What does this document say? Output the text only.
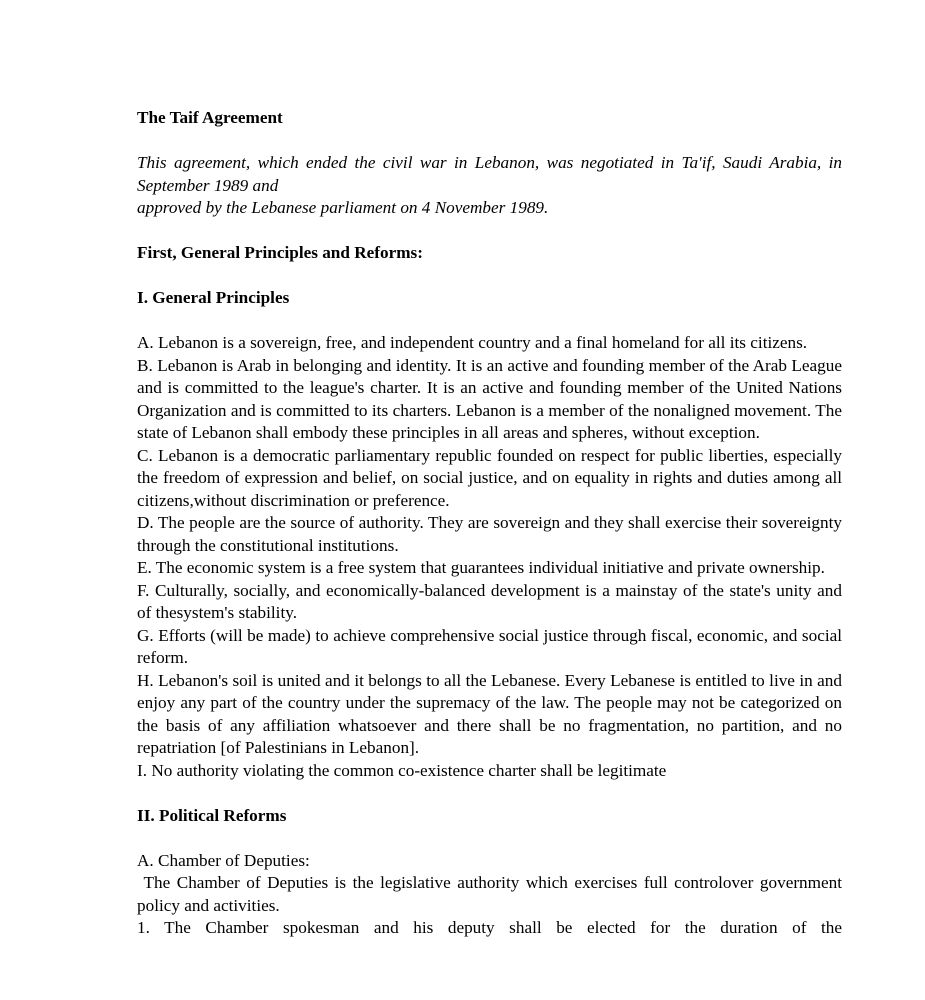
The Taif Agreement

This agreement, which ended the civil war in Lebanon, was negotiated in Ta'if, Saudi Arabia, in September 1989 and

approved by the Lebanese parliament on 4 November 1989.

First, General Principles and Reforms:

I. General Principles

A. Lebanon is a sovereign, free, and independent country and a final homeland for all its citizens.

B. Lebanon is Arab in belonging and identity. It is an active and founding member of the Arab League and is committed to the league's charter. It is an active and founding member of the United Nations Organization and is committed to its charters. Lebanon is a member of the nonaligned movement. The state of Lebanon shall embody these principles in all areas and spheres, without exception.

C. Lebanon is a democratic parliamentary republic founded on respect for public liberties, especially the freedom of expression and belief, on social justice, and on equality in rights and duties among all citizens,without discrimination or preference.

D. The people are the source of authority. They are sovereign and they shall exercise their sovereignty through the constitutional institutions.

E. The economic system is a free system that guarantees individual initiative and private ownership.

F. Culturally, socially, and economically-balanced development is a mainstay of the state's unity and of thesystem's stability.

G. Efforts (will be made) to achieve comprehensive social justice through fiscal, economic, and social reform.

H. Lebanon's soil is united and it belongs to all the Lebanese. Every Lebanese is entitled to live in and enjoy any part of the country under the supremacy of the law. The people may not be categorized on the basis of any affiliation whatsoever and there shall be no fragmentation, no partition, and no repatriation [of Palestinians in Lebanon].

I. No authority violating the common co-existence charter shall be legitimate

II. Political Reforms

A. Chamber of Deputies:

The Chamber of Deputies is the legislative authority which exercises full controlover government policy and activities.

1. The Chamber spokesman and his deputy shall be elected for the duration of the
